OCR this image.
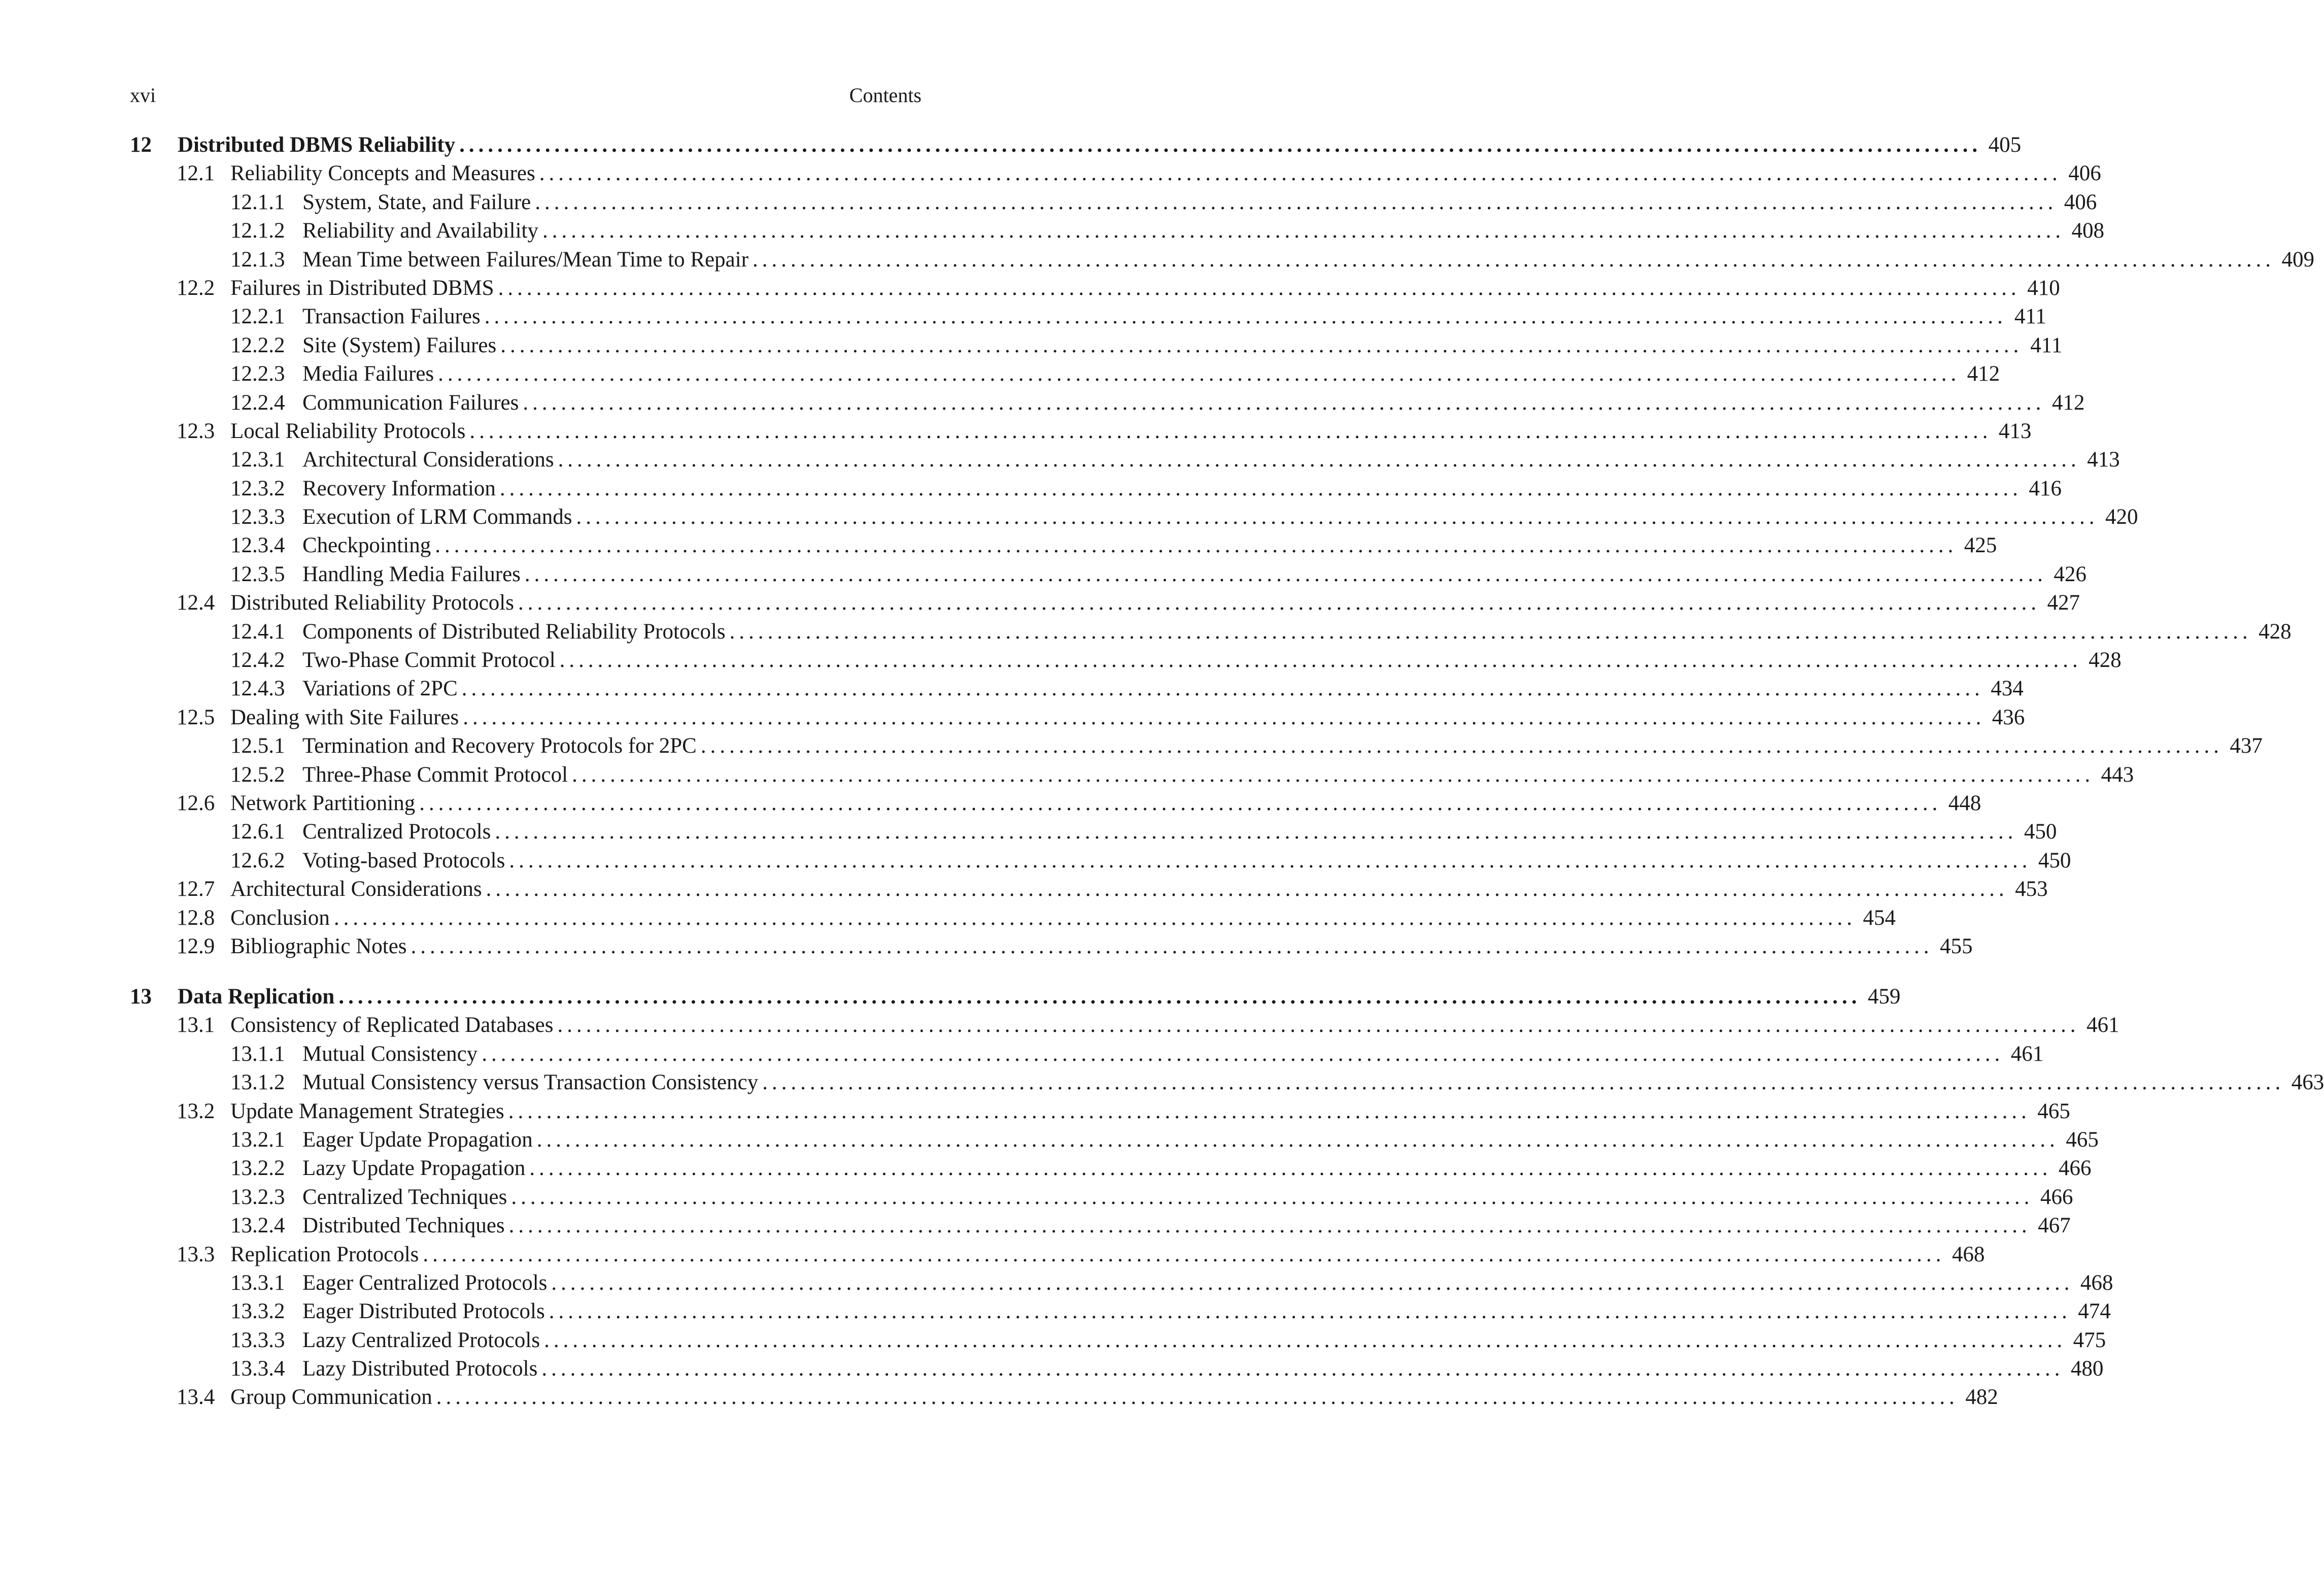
xvi	Contents
12 Distributed DBMS Reliability ................................................................................................................................................................ 405
12.1 Reliability Concepts and Measures ................................................................................................................................................................ 406
12.1.1 System, State, and Failure ................................................................................................................................................................ 406
12.1.2 Reliability and Availability ................................................................................................................................................................ 408
12.1.3 Mean Time between Failures/Mean Time to Repair ................................................................................................................................................................ 409
12.2 Failures in Distributed DBMS ................................................................................................................................................................ 410
12.2.1 Transaction Failures ................................................................................................................................................................ 411
12.2.2 Site (System) Failures ................................................................................................................................................................ 411
12.2.3 Media Failures ................................................................................................................................................................ 412
12.2.4 Communication Failures ................................................................................................................................................................ 412
12.3 Local Reliability Protocols ................................................................................................................................................................ 413
12.3.1 Architectural Considerations ................................................................................................................................................................ 413
12.3.2 Recovery Information ................................................................................................................................................................ 416
12.3.3 Execution of LRM Commands ................................................................................................................................................................ 420
12.3.4 Checkpointing ................................................................................................................................................................ 425
12.3.5 Handling Media Failures ................................................................................................................................................................ 426
12.4 Distributed Reliability Protocols ................................................................................................................................................................ 427
12.4.1 Components of Distributed Reliability Protocols ................................................................................................................................................................ 428
12.4.2 Two-Phase Commit Protocol ................................................................................................................................................................ 428
12.4.3 Variations of 2PC ................................................................................................................................................................ 434
12.5 Dealing with Site Failures ................................................................................................................................................................ 436
12.5.1 Termination and Recovery Protocols for 2PC ................................................................................................................................................................ 437
12.5.2 Three-Phase Commit Protocol ................................................................................................................................................................ 443
12.6 Network Partitioning ................................................................................................................................................................ 448
12.6.1 Centralized Protocols ................................................................................................................................................................ 450
12.6.2 Voting-based Protocols ................................................................................................................................................................ 450
12.7 Architectural Considerations ................................................................................................................................................................ 453
12.8 Conclusion ................................................................................................................................................................ 454
12.9 Bibliographic Notes ................................................................................................................................................................ 455
13 Data Replication ................................................................................................................................................................ 459
13.1 Consistency of Replicated Databases ................................................................................................................................................................ 461
13.1.1 Mutual Consistency ................................................................................................................................................................ 461
13.1.2 Mutual Consistency versus Transaction Consistency ................................................................................................................................................................ 463
13.2 Update Management Strategies ................................................................................................................................................................ 465
13.2.1 Eager Update Propagation ................................................................................................................................................................ 465
13.2.2 Lazy Update Propagation ................................................................................................................................................................ 466
13.2.3 Centralized Techniques ................................................................................................................................................................ 466
13.2.4 Distributed Techniques ................................................................................................................................................................ 467
13.3 Replication Protocols ................................................................................................................................................................ 468
13.3.1 Eager Centralized Protocols ................................................................................................................................................................ 468
13.3.2 Eager Distributed Protocols ................................................................................................................................................................ 474
13.3.3 Lazy Centralized Protocols ................................................................................................................................................................ 475
13.3.4 Lazy Distributed Protocols ................................................................................................................................................................ 480
13.4 Group Communication ................................................................................................................................................................ 482
